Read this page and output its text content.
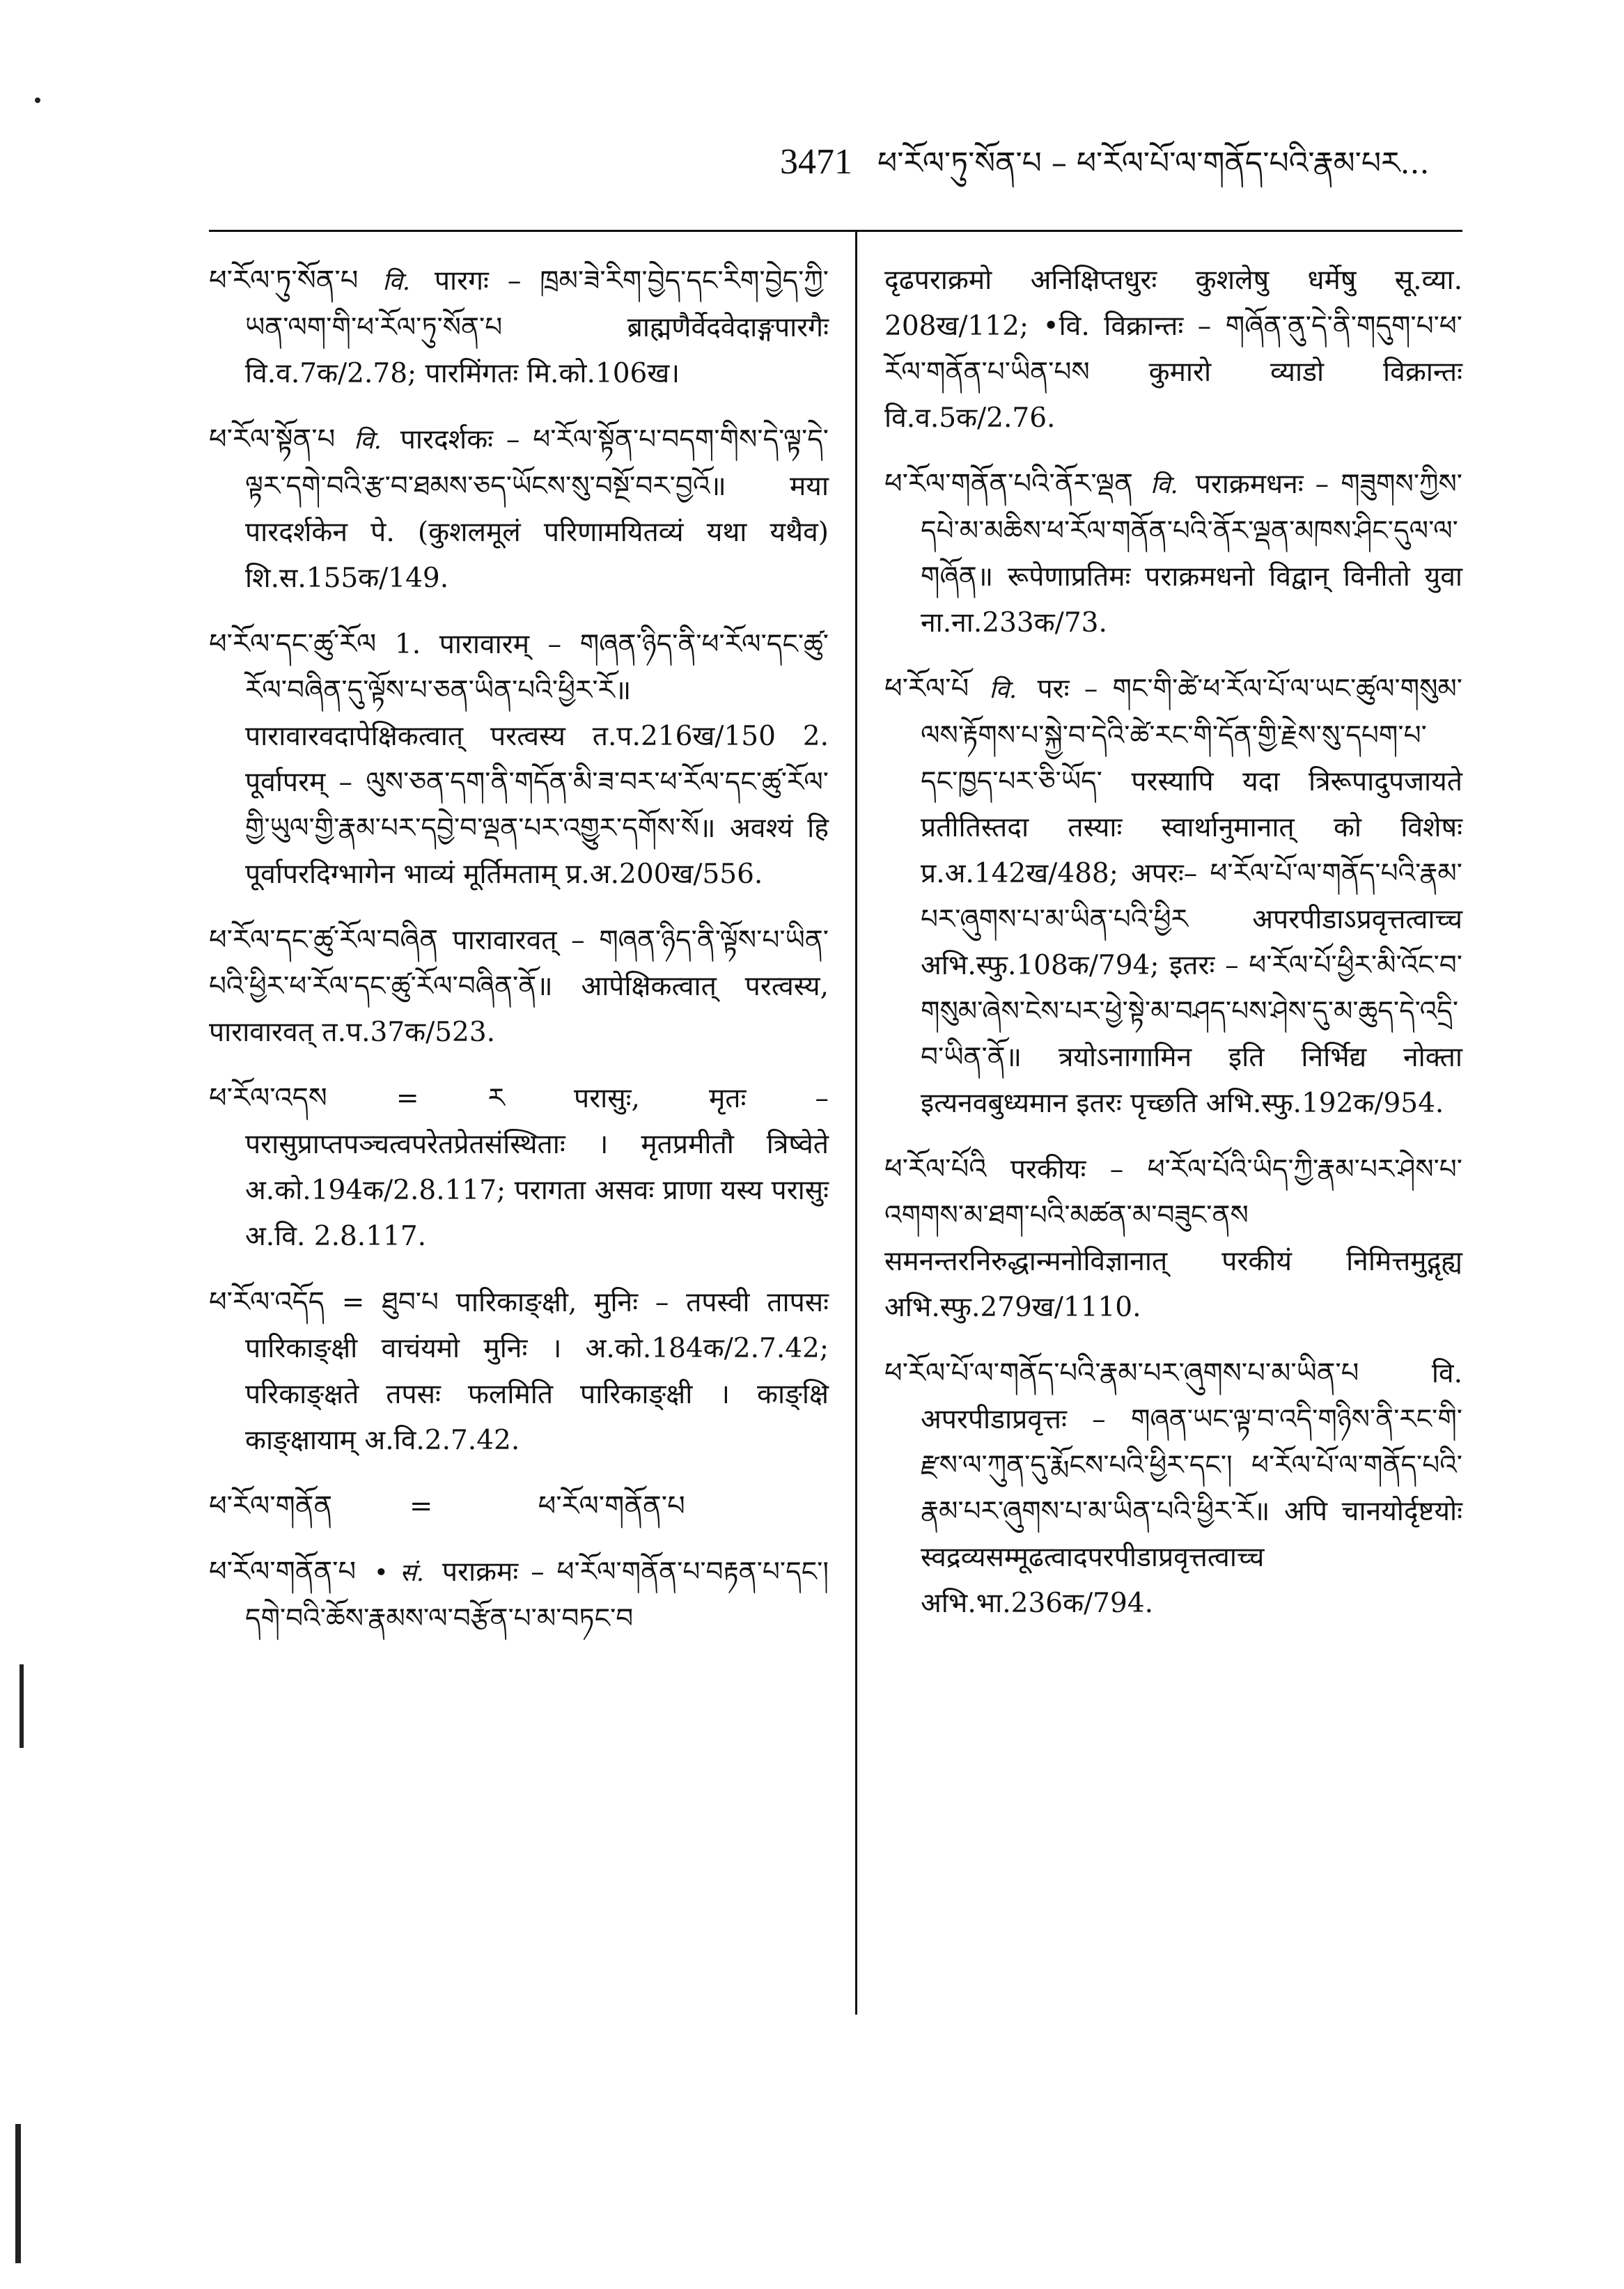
3471 ཕ་རོལ་ཏུ་སོན་པ – ཕ་རོལ་པོ་ལ་གནོད་པའི་རྣམ་པར...

ཕ་རོལ་ཏུ་སོན་པ वि. पारगः – ཁྲམ་ཟེ་རིག་བྱེད་དང་རིག་བྱེད་ཀྱི་ཡན་ལག་གི་ཕ་རོལ་ཏུ་སོན་པ ब्राह्मणैर्वेदवेदाङ्गपारगैः वि.व.7क/2.78; पारमिंगतः मि.को.106ख।

ཕ་རོལ་སྟོན་པ वि. पारदर्शकः – ཕ་རོལ་སྟོན་པ་བདག་གིས་དེ་ལྟ་དེ་ལྟར་དགེ་བའི་རྩ་བ་ཐམས་ཅད་ཡོངས་སུ་བསྔོ་བར་བྱའོ॥ मया पारदर्शकेन पे. (कुशलमूलं परिणामयितव्यं यथा यथैव) शि.स.155क/149.

ཕ་རོལ་དང་ཚུ་རོལ 1. पारावारम् – གཞན་ཉིད་ནི་ཕ་རོལ་དང་ཚུ་རོལ་བཞིན་དུ་ལྟོས་པ་ཅན་ཡིན་པའི་ཕྱིར་རོ॥ पारावारवदापेक्षिकत्वात् परत्वस्य त.प.216ख/150 2. पूर्वापरम् – ལུས་ཅན་དག་ནི་གདོན་མི་ཟ་བར་ཕ་རོལ་དང་ཚུ་རོལ་གྱི་ཡུལ་གྱི་རྣམ་པར་དབྱེ་བ་ལྡན་པར་འགྱུར་དགོས་སོ॥ अवश्यं हि पूर्वापरदिग्भागेन भाव्यं मूर्तिमताम् प्र.अ.200ख/556.

ཕ་རོལ་དང་ཚུ་རོལ་བཞིན पारावारवत् – གཞན་ཉིད་ནི་ལྟོས་པ་ཡིན་པའི་ཕྱིར་ཕ་རོལ་དང་ཚུ་རོལ་བཞིན་ནོ॥ आपेक्षिकत्वात् परत्वस्य, पारावारवत् त.प.37क/523.

ཕ་རོལ་འདས	= ར परासुः, मृतः – परासुप्राप्तपञ्चत्वपरेतप्रेतसंस्थिताः । मृतप्रमीतौ त्रिष्वेते अ.को.194क/2.8.117; परागता असवः प्राणा यस्य परासुः अ.वि. 2.8.117.

ཕ་རོལ་འདོད = ཐུབ་པ पारिकाङ्क्षी, मुनिः – तपस्वी तापसः पारिकाङ्क्षी वाचंयमो मुनिः । अ.को.184क/2.7.42; परिकाङ्क्षते तपसः फलमिति पारिकाङ्क्षी । काङ्क्षि काङ्क्षायाम् अ.वि.2.7.42.

ཕ་རོལ་གནོན	=	ཕ་རོལ་གནོན་པ

ཕ་རོལ་གནོན་པ • सं. पराक्रमः – ཕ་རོལ་གནོན་པ་བརྟན་པ་དང་། དགེ་བའི་ཆོས་རྣམས་ལ་བརྩོན་པ་མ་བཏང་བ

दृढपराक्रमो अनिक्षिप्तधुरः कुशलेषु धर्मेषु सू.व्या. 208ख/112; •वि. विक्रान्तः – གཞོན་ནུ་དེ་ནི་གདུག་པ་ཕ་རོལ་གནོན་པ་ཡིན་པས कुमारो व्याडो विक्रान्तः वि.व.5क/2.76.

ཕ་རོལ་གནོན་པའི་ནོར་ལྡན वि. पराक्रमधनः – གཟུགས་ཀྱིས་དཔེ་མ་མཆིས་ཕ་རོལ་གནོན་པའི་ནོར་ལྡན་མཁས་ཤིང་དུལ་ལ་གཞོན॥ रूपेणाप्रतिमः पराक्रमधनो विद्वान् विनीतो युवा ना.ना.233क/73.

ཕ་རོལ་པོ वि. परः – གང་གི་ཚེ་ཕ་རོལ་པོ་ལ་ཡང་ཚུལ་གསུམ་ལས་རྟོགས་པ་སྐྱེ་བ་དེའི་ཚེ་རང་གི་དོན་གྱི་རྗེས་སུ་དཔག་པ་དང་ཁྱད་པར་ཅི་ཡོད་ परस्यापि यदा त्रिरूपादुपजायते प्रतीतिस्तदा तस्याः स्वार्थानुमानात् को विशेषः प्र.अ.142ख/488; अपरः– ཕ་རོལ་པོ་ལ་གནོད་པའི་རྣམ་པར་ཞུགས་པ་མ་ཡིན་པའི་ཕྱིར अपरपीडाऽप्रवृत्तत्वाच्च अभि.स्फु.108क/794; इतरः – ཕ་རོལ་པོ་ཕྱིར་མི་འོང་བ་གསུམ་ཞེས་ངེས་པར་ཕྱེ་སྟེ་མ་བཤད་པས་ཤེས་དུ་མ་ཆུད་དེ་འདྲི་བ་ཡིན་ནོ॥ त्रयोऽनागामिन इति निर्भिद्य नोक्ता इत्यनवबुध्यमान इतरः पृच्छति अभि.स्फु.192क/954.

ཕ་རོལ་པོའི परकीयः – ཕ་རོལ་པོའི་ཡིད་ཀྱི་རྣམ་པར་ཤེས་པ་འགགས་མ་ཐག་པའི་མཚན་མ་བཟུང་ནས समनन्तरनिरुद्धान्मनोविज्ञानात् परकीयं निमित्तमुद्गृह्य अभि.स्फु.279ख/1110.

ཕ་རོལ་པོ་ལ་གནོད་པའི་རྣམ་པར་ཞུགས་པ་མ་ཡིན་པ	वि. अपरपीडाप्रवृत्तः – གཞན་ཡང་ལྟ་བ་འདི་གཉིས་ནི་རང་གི་རྫས་ལ་ཀུན་དུ་རྨོངས་པའི་ཕྱིར་དང་། ཕ་རོལ་པོ་ལ་གནོད་པའི་རྣམ་པར་ཞུགས་པ་མ་ཡིན་པའི་ཕྱིར་རོ॥ अपि चानयोर्दृष्टयोः स्वद्रव्यसम्मूढत्वादपरपीडाप्रवृत्तत्वाच्च अभि.भा.236क/794.
